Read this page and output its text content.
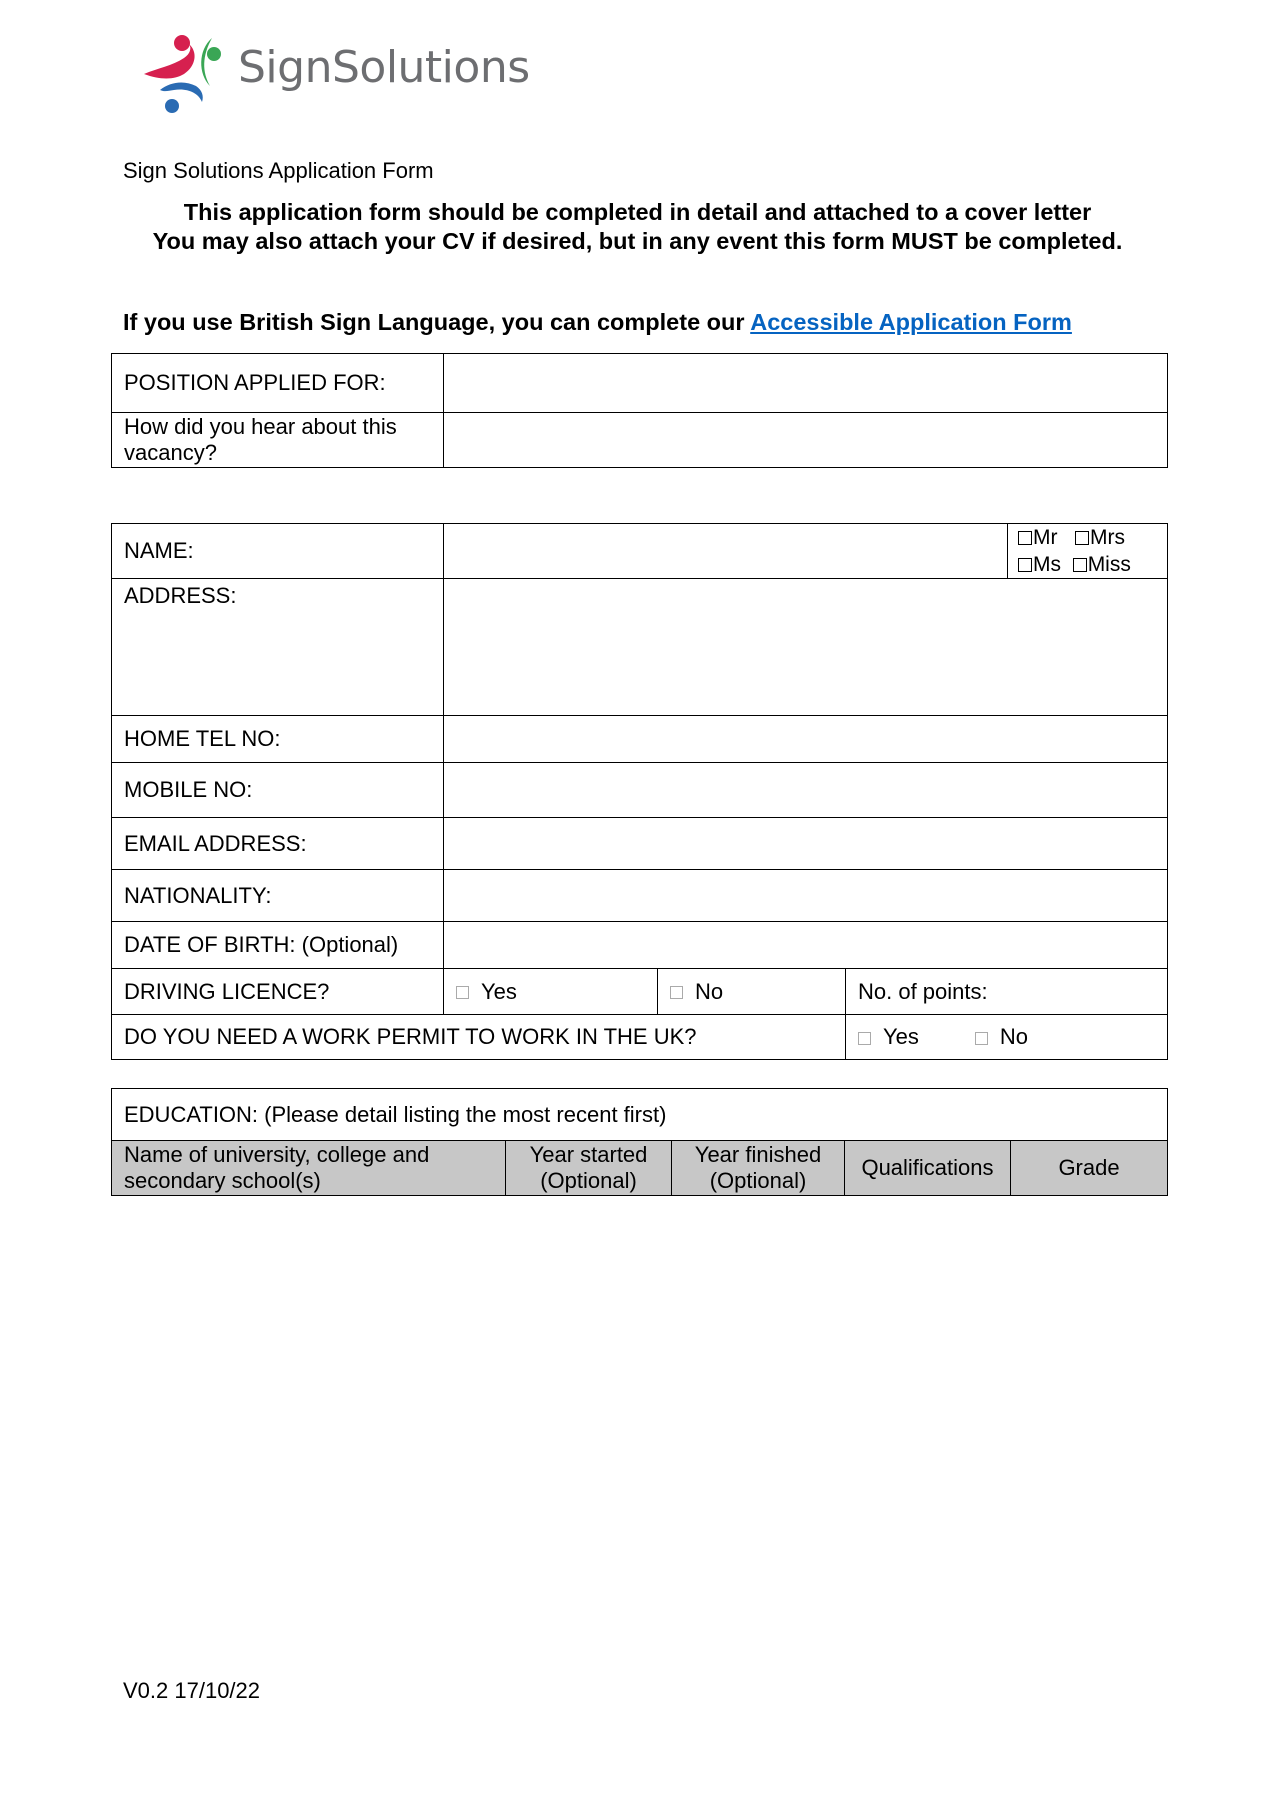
SignSolutions
Sign Solutions Application Form
This application form should be completed in detail and attached to a cover letter
You may also attach your CV if desired, but in any event this form MUST be completed.
If you use British Sign Language, you can complete our Accessible Application Form
POSITION APPLIED FOR:	
How did you hear about this vacancy?	
NAME:				Mr Mrs
Ms Miss
ADDRESS:				
HOME TEL NO:				
MOBILE NO:				
EMAIL ADDRESS:				
NATIONALITY:				
DATE OF BIRTH: (Optional)				
DRIVING LICENCE?	Yes	No	No. of points:	
DO YOU NEED A WORK PERMIT TO WORK IN THE UK?			Yes No	
EDUCATION: (Please detail listing the most recent first)
Name of university, college and secondary school(s)	Year started (Optional)	Year finished (Optional)	Qualifications	Grade
V0.2 17/10/22
